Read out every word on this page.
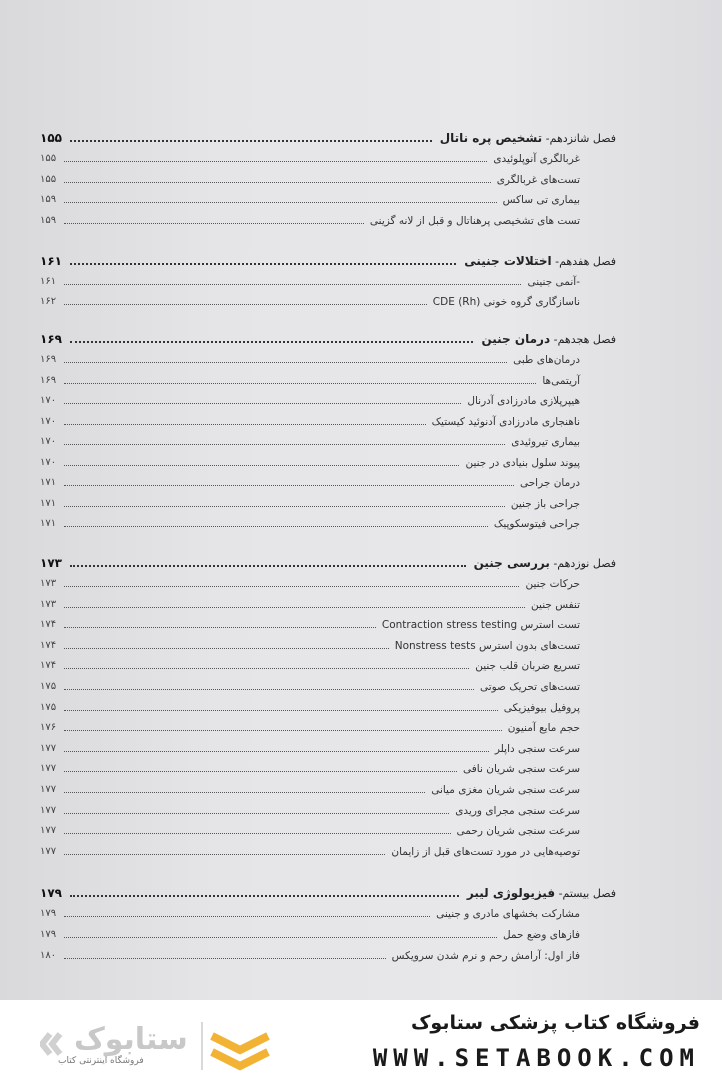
فصل شانزدهم- تشخیص پره ناتال
۱۵۵
غربالگری آنوپلوئیدی
۱۵۵
تست‌های غربالگری
۱۵۵
بیماری تی ساکس
۱۵۹
تست های تشخیصی پرهناتال و قبل از لانه گزینی
۱۵۹
فصل هفدهم- اختلالات جنینی
۱۶۱
-آنمی جنینی
۱۶۱
ناسازگاری گروه خونی (Rh) CDE
۱۶۲
فصل هجدهم- درمان جنین
۱۶۹
درمان‌های طبی
۱۶۹
آریتمی‌ها
۱۶۹
هیپرپلازی مادرزادی آدرنال
۱۷۰
ناهنجاری مادرزادی آدنوئید کیستیک
۱۷۰
بیماری تیروئیدی
۱۷۰
پیوند سلول بنیادی در جنین
۱۷۰
درمان جراحی
۱۷۱
جراحی باز جنین
۱۷۱
جراحی فیتوسکوپیک
۱۷۱
فصل نوزدهم- بررسی جنین
۱۷۳
حرکات جنین
۱۷۳
تنفس جنین
۱۷۳
تست استرس Contraction stress testing
۱۷۴
تست‌های بدون استرس Nonstress tests
۱۷۴
تسریع ضربان قلب جنین
۱۷۴
تست‌های تحریک صوتی
۱۷۵
پروفیل بیوفیزیکی
۱۷۵
حجم مایع آمنیون
۱۷۶
سرعت سنجی داپلر
۱۷۷
سرعت سنجی شریان نافی
۱۷۷
سرعت سنجی شریان مغزی میانی
۱۷۷
سرعت سنجی مجرای وریدی
۱۷۷
سرعت سنجی شریان رحمی
۱۷۷
توصیه‌هایی در مورد تست‌های قبل از زایمان
۱۷۷
فصل بیستم- فیزیولوژی لیبر
۱۷۹
مشارکت بخشهای مادری و جنینی
۱۷۹
فازهای وضع حمل
۱۷۹
فاز اول: آرامش رحم و نرم شدن سرویکس
۱۸۰
ستابوک
فروشگاه اینترنتی کتاب
فروشگاه کتاب پزشکی ستابوک
WWW.SETABOOK.COM
